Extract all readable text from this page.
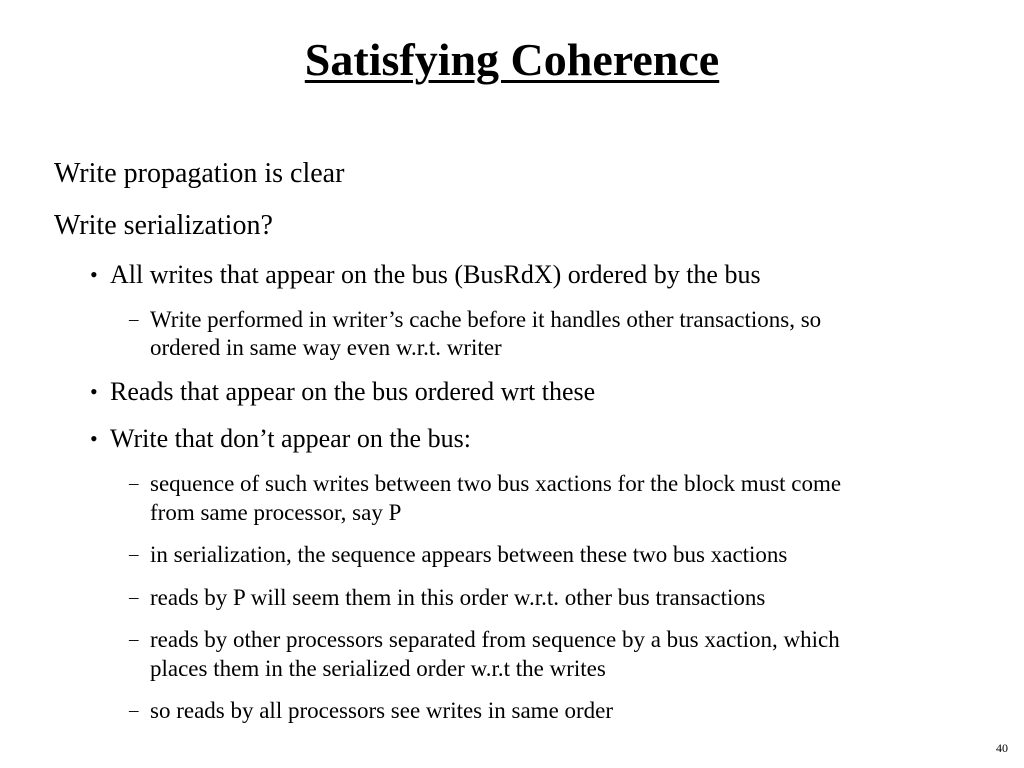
Satisfying Coherence
Write propagation is clear
Write serialization?
• All writes that appear on the bus (BusRdX) ordered by the bus
– Write performed in writer’s cache before it handles other transactions, so
ordered in same way even w.r.t. writer
• Reads that appear on the bus ordered wrt these
• Write that don’t appear on the bus:
– sequence of such writes between two bus xactions for the block must come
from same processor, say P
– in serialization, the sequence appears between these two bus xactions
– reads by P will seem them in this order w.r.t. other bus transactions
– reads by other processors separated from sequence by a bus xaction, which
places them in the serialized order w.r.t the writes
– so reads by all processors see writes in same order
40
